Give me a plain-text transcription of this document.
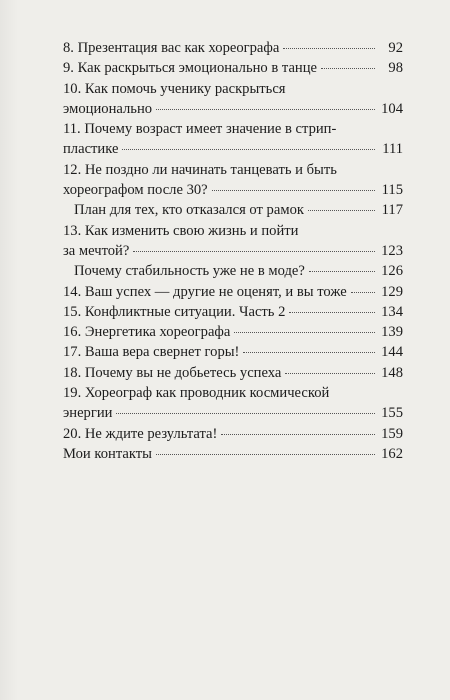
8. Презентация вас как хореографа	92
9. Как раскрыться эмоционально в танце	98
10. Как помочь ученику раскрыться
эмоционально	104
11. Почему возраст имеет значение в стрип-
пластике	111
12. Не поздно ли начинать танцевать и быть
хореографом после 30?	115
План для тех, кто отказался от рамок	117
13. Как изменить свою жизнь и пойти
за мечтой?	123
Почему стабильность уже не в моде?	126
14. Ваш успех — другие не оценят, и вы тоже 129
15. Конфликтные ситуации. Часть 2	134
16. Энергетика хореографа	139
17. Ваша вера свернет горы!	144
18. Почему вы не добьетесь успеха	148
19. Хореограф как проводник космической
энергии	155
20. Не ждите результата!	159
Мои контакты	162
